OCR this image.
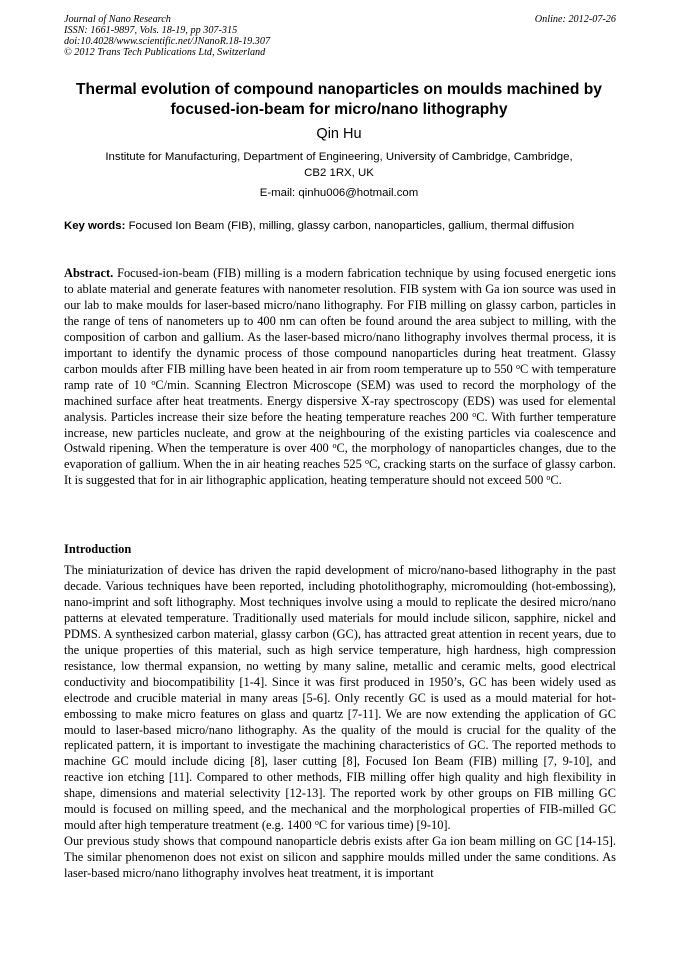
Journal of Nano Research
ISSN: 1661-9897, Vols. 18-19, pp 307-315
doi:10.4028/www.scientific.net/JNanoR.18-19.307
© 2012 Trans Tech Publications Ltd, Switzerland
Online: 2012-07-26
Thermal evolution of compound nanoparticles on moulds machined by focused-ion-beam for micro/nano lithography
Qin Hu
Institute for Manufacturing, Department of Engineering, University of Cambridge, Cambridge,
CB2 1RX, UK
E-mail: qinhu006@hotmail.com
Key words: Focused Ion Beam (FIB), milling, glassy carbon, nanoparticles, gallium, thermal diffusion
Abstract. Focused-ion-beam (FIB) milling is a modern fabrication technique by using focused energetic ions to ablate material and generate features with nanometer resolution. FIB system with Ga ion source was used in our lab to make moulds for laser-based micro/nano lithography. For FIB milling on glassy carbon, particles in the range of tens of nanometers up to 400 nm can often be found around the area subject to milling, with the composition of carbon and gallium. As the laser-based micro/nano lithography involves thermal process, it is important to identify the dynamic process of those compound nanoparticles during heat treatment. Glassy carbon moulds after FIB milling have been heated in air from room temperature up to 550 $^o$C with temperature ramp rate of 10 $^o$C/min. Scanning Electron Microscope (SEM) was used to record the morphology of the machined surface after heat treatments. Energy dispersive X-ray spectroscopy (EDS) was used for elemental analysis. Particles increase their size before the heating temperature reaches 200 $^o$C. With further temperature increase, new particles nucleate, and grow at the neighbouring of the existing particles via coalescence and Ostwald ripening. When the temperature is over 400 $^o$C, the morphology of nanoparticles changes, due to the evaporation of gallium. When the in air heating reaches 525 $^o$C, cracking starts on the surface of glassy carbon. It is suggested that for in air lithographic application, heating temperature should not exceed 500 $^o$C.
Introduction

The miniaturization of device has driven the rapid development of micro/nano-based lithography in the past decade. Various techniques have been reported, including photolithography, micromoulding (hot-embossing), nano-imprint and soft lithography. Most techniques involve using a mould to replicate the desired micro/nano patterns at elevated temperature. Traditionally used materials for mould include silicon, sapphire, nickel and PDMS. A synthesized carbon material, glassy carbon (GC), has attracted great attention in recent years, due to the unique properties of this material, such as high service temperature, high hardness, high compression resistance, low thermal expansion, no wetting by many saline, metallic and ceramic melts, good electrical conductivity and biocompatibility [1-4]. Since it was first produced in 1950’s, GC has been widely used as electrode and crucible material in many areas [5-6]. Only recently GC is used as a mould material for hot-embossing to make micro features on glass and quartz [7-11]. We are now extending the application of GC mould to laser-based micro/nano lithography. As the quality of the mould is crucial for the quality of the replicated pattern, it is important to investigate the machining characteristics of GC. The reported methods to machine GC mould include dicing [8], laser cutting [8], Focused Ion Beam (FIB) milling [7, 9-10], and reactive ion etching [11]. Compared to other methods, FIB milling offer high quality and high flexibility in shape, dimensions and material selectivity [12-13]. The reported work by other groups on FIB milling GC mould is focused on milling speed, and the mechanical and the morphological properties of FIB-milled GC mould after high temperature treatment (e.g. 1400 $^o$C for various time) [9-10].

Our previous study shows that compound nanoparticle debris exists after Ga ion beam milling on GC [14-15]. The similar phenomenon does not exist on silicon and sapphire moulds milled under the same conditions. As laser-based micro/nano lithography involves heat treatment, it is important
